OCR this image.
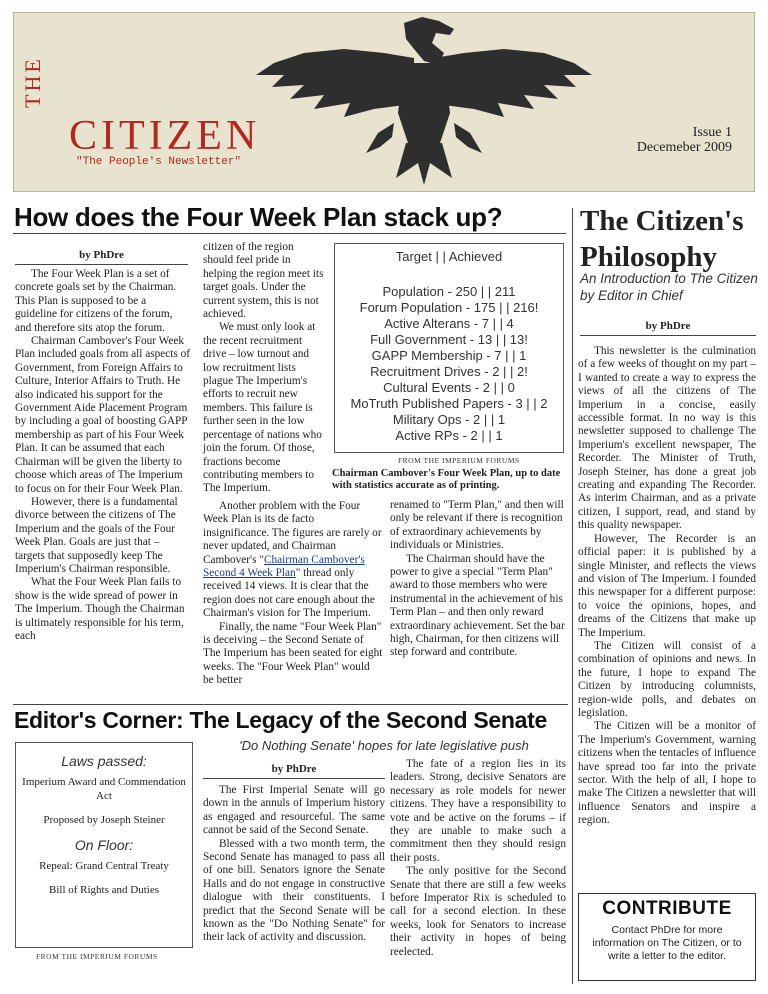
THE
CITIZEN
"The People's Newsletter"
Issue 1
Decemeber 2009
How does the Four Week Plan stack up?
by PhDre

The Four Week Plan is a set of concrete goals set by the Chairman. This Plan is supposed to be a guideline for citizens of the forum, and therefore sits atop the forum.

Chairman Cambover's Four Week Plan included goals from all aspects of Government, from Foreign Affairs to Culture, Interior Affairs to Truth. He also indicated his support for the Government Aide Placement Program by including a goal of boosting GAPP membership as part of his Four Week Plan. It can be assumed that each Chairman will be given the liberty to choose which areas of The Imperium to focus on for their Four Week Plan.

However, there is a fundamental divorce between the citizens of The Imperium and the goals of the Four Week Plan. Goals are just that – targets that supposedly keep The Imperium's Chairman responsible.

What the Four Week Plan fails to show is the wide spread of power in The Imperium. Though the Chairman is ultimately responsible for his term, each

citizen of the region should feel pride in helping the region meet its target goals. Under the current system, this is not achieved.

We must only look at the recent recruitment drive – low turnout and low recruitment lists plague The Imperium's efforts to recruit new members. This failure is further seen in the low percentage of nations who join the forum. Of those, fractions become contributing members to The Imperium.

Target | | Achieved
Population - 250 | | 211
Forum Population - 175 | | 216!
Active Alterans - 7 | | 4
Full Government - 13 | | 13!
GAPP Membership - 7 | | 1
Recruitment Drives - 2 | | 2!
Cultural Events - 2 | | 0
MoTruth Published Papers - 3 | | 2
Military Ops - 2 | | 1
Active RPs - 2 | | 1
FROM THE IMPERIUM FORUMS
Chairman Cambover's Four Week Plan, up to date with statistics accurate as of printing.

Another problem with the Four Week Plan is its de facto insignificance. The figures are rarely or never updated, and Chairman Cambover's "Chairman Cambover's Second 4 Week Plan" thread only received 14 views. It is clear that the region does not care enough about the Chairman's vision for The Imperium.

Finally, the name "Four Week Plan" is deceiving – the Second Senate of The Imperium has been seated for eight weeks. The "Four Week Plan" would be better

renamed to "Term Plan," and then will only be relevant if there is recognition of extraordinary achievements by individuals or Ministries.

The Chairman should have the power to give a special "Term Plan" award to those members who were instrumental in the achievement of his Term Plan – and then only reward extraordinary achievement. Set the bar high, Chairman, for then citizens will step forward and contribute.

Editor's Corner: The Legacy of the Second Senate
'Do Nothing Senate' hopes for late legislative push
Laws passed:
Imperium Award and Commendation Act
Proposed by Joseph Steiner
On Floor:
Repeal: Grand Central Treaty
Bill of Rights and Duties
FROM THE IMPERIUM FORUMS
by PhDre

The First Imperial Senate will go down in the annuls of Imperium history as engaged and resourceful. The same cannot be said of the Second Senate.

Blessed with a two month term, the Second Senate has managed to pass all of one bill. Senators ignore the Senate Halls and do not engage in constructive dialogue with their constituents. I predict that the Second Senate will be known as the "Do Nothing Senate" for their lack of activity and discussion.

The fate of a region lies in its leaders. Strong, decisive Senators are necessary as role models for newer citizens. They have a responsibility to vote and be active on the forums – if they are unable to make such a commitment then they should resign their posts.

The only positive for the Second Senate that there are still a few weeks before Imperator Rix is scheduled to call for a second election. In these weeks, look for Senators to increase their activity in hopes of being reelected.

The Citizen's Philosophy
An Introduction to The Citizen by Editor in Chief
by PhDre

This newsletter is the culmination of a few weeks of thought on my part – I wanted to create a way to express the views of all the citizens of The Imperium in a concise, easily accessible format. In no way is this newsletter supposed to challenge The Imperium's excellent newspaper, The Recorder. The Minister of Truth, Joseph Steiner, has done a great job creating and expanding The Recorder. As interim Chairman, and as a private citizen, I support, read, and stand by this quality newspaper.

However, The Recorder is an official paper: it is published by a single Minister, and reflects the views and vision of The Imperium. I founded this newspaper for a different purpose: to voice the opinions, hopes, and dreams of the Citizens that make up The Imperium.

The Citizen will consist of a combination of opinions and news. In the future, I hope to expand The Citizen by introducing columnists, region-wide polls, and debates on legislation.

The Citizen will be a monitor of The Imperium's Government, warning citizens when the tentacles of influence have spread too far into the private sector. With the help of all, I hope to make The Citizen a newsletter that will influence Senators and inspire a region.

CONTRIBUTE
Contact PhDre for more information on The Citizen, or to write a letter to the editor.
